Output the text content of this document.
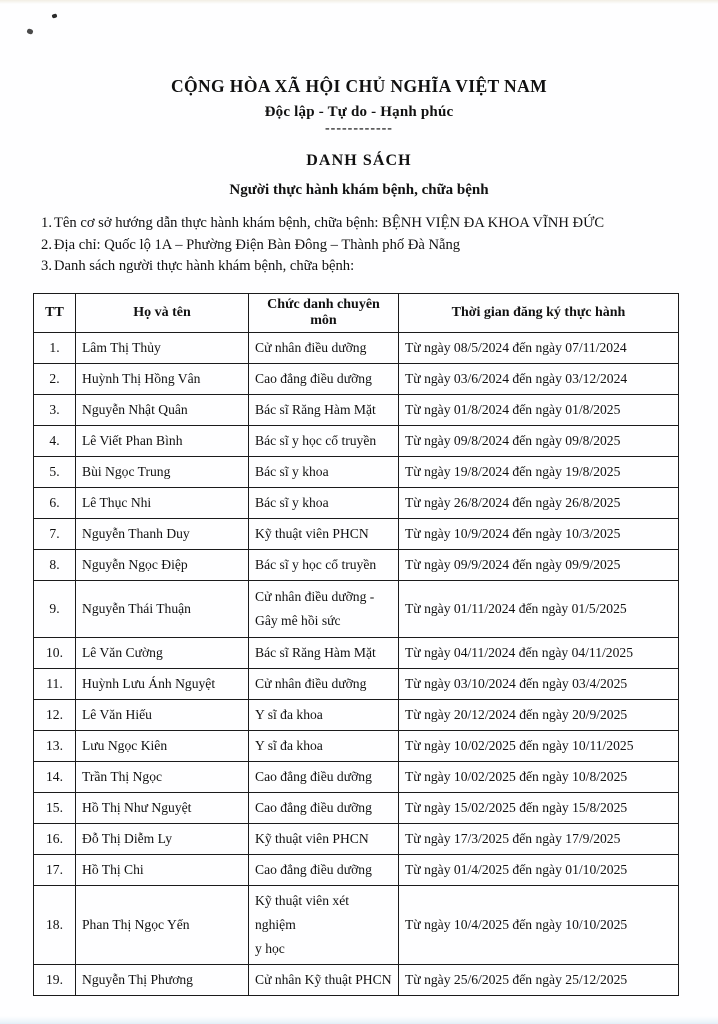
CỘNG HÒA XÃ HỘI CHỦ NGHĨA VIỆT NAM
Độc lập - Tự do - Hạnh phúc
------------
DANH SÁCH
Người thực hành khám bệnh, chữa bệnh
1. Tên cơ sở hướng dẫn thực hành khám bệnh, chữa bệnh: BỆNH VIỆN ĐA KHOA VĨNH ĐỨC
2. Địa chỉ: Quốc lộ 1A – Phường Điện Bàn Đông – Thành phố Đà Nẵng
3. Danh sách người thực hành khám bệnh, chữa bệnh:
TT	Họ và tên	Chức danh chuyên môn	Thời gian đăng ký thực hành
1.	Lâm Thị Thủy	Cử nhân điều dưỡng	Từ ngày 08/5/2024 đến ngày 07/11/2024
2.	Huỳnh Thị Hồng Vân	Cao đẳng điều dưỡng	Từ ngày 03/6/2024 đến ngày 03/12/2024
3.	Nguyễn Nhật Quân	Bác sĩ Răng Hàm Mặt	Từ ngày 01/8/2024 đến ngày 01/8/2025
4.	Lê Viết Phan Bình	Bác sĩ y học cổ truyền	Từ ngày 09/8/2024 đến ngày 09/8/2025
5.	Bùi Ngọc Trung	Bác sĩ y khoa	Từ ngày 19/8/2024 đến ngày 19/8/2025
6.	Lê Thục Nhi	Bác sĩ y khoa	Từ ngày 26/8/2024 đến ngày 26/8/2025
7.	Nguyễn Thanh Duy	Kỹ thuật viên PHCN	Từ ngày 10/9/2024 đến ngày 10/3/2025
8.	Nguyễn Ngọc Điệp	Bác sĩ y học cổ truyền	Từ ngày 09/9/2024 đến ngày 09/9/2025
9.	Nguyễn Thái Thuận	Cử nhân điều dưỡng -
Gây mê hồi sức	Từ ngày 01/11/2024 đến ngày 01/5/2025
10.	Lê Văn Cường	Bác sĩ Răng Hàm Mặt	Từ ngày 04/11/2024 đến ngày 04/11/2025
11.	Huỳnh Lưu Ánh Nguyệt	Cử nhân điều dưỡng	Từ ngày 03/10/2024 đến ngày 03/4/2025
12.	Lê Văn Hiếu	Y sĩ đa khoa	Từ ngày 20/12/2024 đến ngày 20/9/2025
13.	Lưu Ngọc Kiên	Y sĩ đa khoa	Từ ngày 10/02/2025 đến ngày 10/11/2025
14.	Trần Thị Ngọc	Cao đẳng điều dưỡng	Từ ngày 10/02/2025 đến ngày 10/8/2025
15.	Hồ Thị Như Nguyệt	Cao đẳng điều dưỡng	Từ ngày 15/02/2025 đến ngày 15/8/2025
16.	Đỗ Thị Diễm Ly	Kỹ thuật viên PHCN	Từ ngày 17/3/2025 đến ngày 17/9/2025
17.	Hồ Thị Chi	Cao đẳng điều dưỡng	Từ ngày 01/4/2025 đến ngày 01/10/2025
18.	Phan Thị Ngọc Yến	Kỹ thuật viên xét nghiệm
y học	Từ ngày 10/4/2025 đến ngày 10/10/2025
19.	Nguyễn Thị Phương	Cử nhân Kỹ thuật PHCN	Từ ngày 25/6/2025 đến ngày 25/12/2025
